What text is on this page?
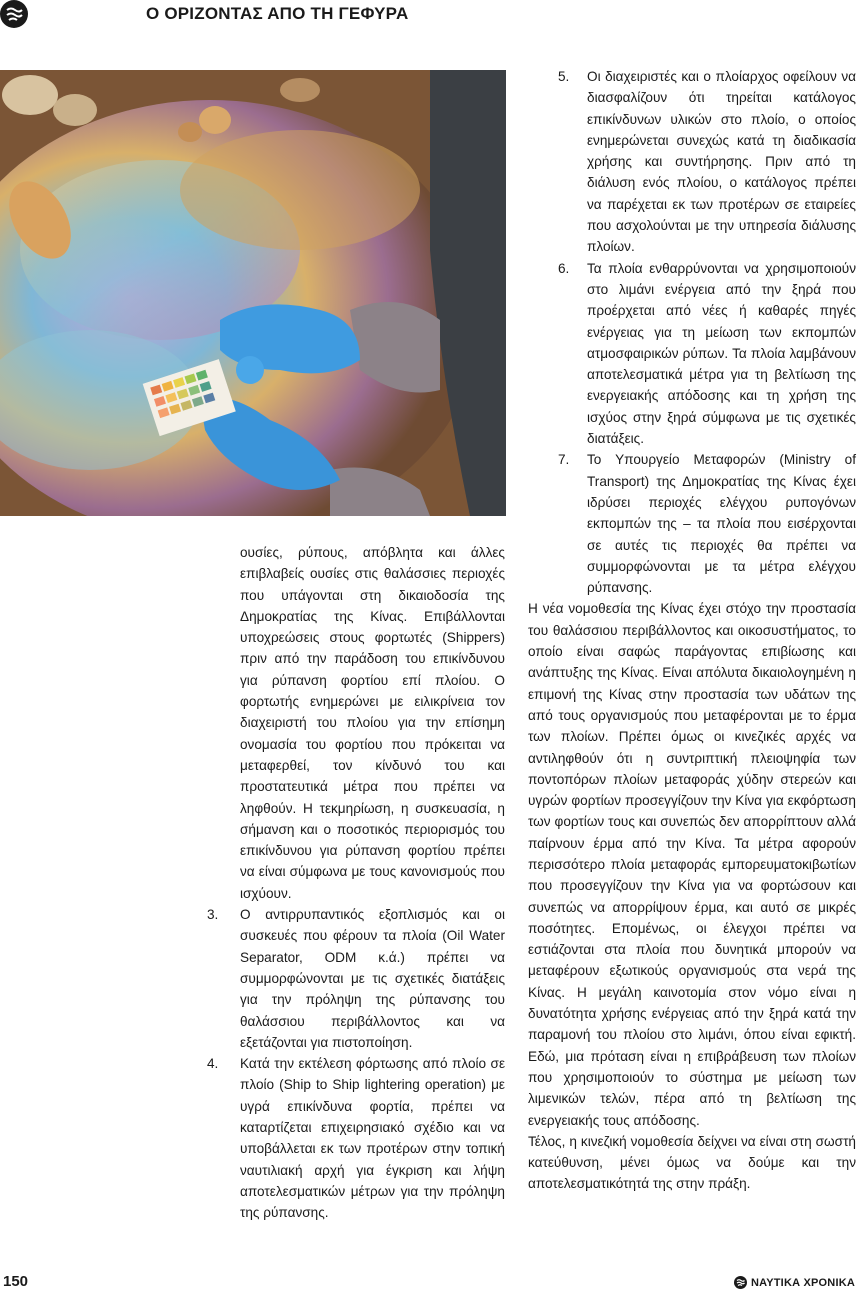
Ο ΟΡΙΖΟΝΤΑΣ ΑΠΟ ΤΗ ΓΕΦΥΡΑ

ουσίες, ρύπους, απόβλητα και άλλες επιβλαβείς ουσίες στις θαλάσσιες περιοχές που υπάγονται στη δικαιοδοσία της Δημοκρατίας της Κίνας. Επιβάλλονται υποχρεώσεις στους φορτωτές (Shippers) πριν από την παράδοση του επικίνδυνου για ρύπανση φορτίου επί πλοίου. Ο φορτωτής ενημερώνει με ειλικρίνεια τον διαχειριστή του πλοίου για την επίσημη ονομασία του φορτίου που πρόκειται να μεταφερθεί, τον κίνδυνό του και προστατευτικά μέτρα που πρέπει να ληφθούν. Η τεκμηρίωση, η συσκευασία, η σήμανση και ο ποσοτικός περιορισμός του επικίνδυνου για ρύπανση φορτίου πρέπει να είναι σύμφωνα με τους κανονισμούς που ισχύουν.

3. Ο αντιρρυπαντικός εξοπλισμός και οι συσκευές που φέρουν τα πλοία (Oil Water Separator, ODM κ.ά.) πρέπει να συμμορφώνονται με τις σχετικές διατάξεις για την πρόληψη της ρύπανσης του θαλάσσιου περιβάλλοντος και να εξετάζονται για πιστοποίηση.

4. Κατά την εκτέλεση φόρτωσης από πλοίο σε πλοίο (Ship to Ship lightering operation) με υγρά επικίνδυνα φορτία, πρέπει να καταρτίζεται επιχειρησιακό σχέδιο και να υποβάλλεται εκ των προτέρων στην τοπική ναυτιλιακή αρχή για έγκριση και λήψη αποτελεσματικών μέτρων για την πρόληψη της ρύπανσης.

5. Οι διαχειριστές και ο πλοίαρχος οφείλουν να διασφαλίζουν ότι τηρείται κατάλογος επικίνδυνων υλικών στο πλοίο, ο οποίος ενημερώνεται συνεχώς κατά τη διαδικασία χρήσης και συντήρησης. Πριν από τη διάλυση ενός πλοίου, ο κατάλογος πρέπει να παρέχεται εκ των προτέρων σε εταιρείες που ασχολούνται με την υπηρεσία διάλυσης πλοίων.

6. Τα πλοία ενθαρρύνονται να χρησιμοποιούν στο λιμάνι ενέργεια από την ξηρά που προέρχεται από νέες ή καθαρές πηγές ενέργειας για τη μείωση των εκπομπών ατμοσφαιρικών ρύπων. Τα πλοία λαμβάνουν αποτελεσματικά μέτρα για τη βελτίωση της ενεργειακής απόδοσης και τη χρήση της ισχύος στην ξηρά σύμφωνα με τις σχετικές διατάξεις.

7. Το Υπουργείο Μεταφορών (Ministry of Transport) της Δημοκρατίας της Κίνας έχει ιδρύσει περιοχές ελέγχου ρυπογόνων εκπομπών της – τα πλοία που εισέρχονται σε αυτές τις περιοχές θα πρέπει να συμμορφώνονται με τα μέτρα ελέγχου ρύπανσης.

Η νέα νομοθεσία της Κίνας έχει στόχο την προστασία του θαλάσσιου περιβάλλοντος και οικοσυστήματος, το οποίο είναι σαφώς παράγοντας επιβίωσης και ανάπτυξης της Κίνας. Είναι απόλυτα δικαιολογημένη η επιμονή της Κίνας στην προστασία των υδάτων της από τους οργανισμούς που μεταφέρονται με το έρμα των πλοίων. Πρέπει όμως οι κινεζικές αρχές να αντιληφθούν ότι η συντριπτική πλειοψηφία των ποντοπόρων πλοίων μεταφοράς χύδην στερεών και υγρών φορτίων προσεγγίζουν την Κίνα για εκφόρτωση των φορτίων τους και συνεπώς δεν απορρίπτουν αλλά παίρνουν έρμα από την Κίνα. Τα μέτρα αφορούν περισσότερο πλοία μεταφοράς εμπορευματοκιβωτίων που προσεγγίζουν την Κίνα για να φορτώσουν και συνεπώς να απορρίψουν έρμα, και αυτό σε μικρές ποσότητες. Επομένως, οι έλεγχοι πρέπει να εστιάζονται στα πλοία που δυνητικά μπορούν να μεταφέρουν εξωτικούς οργανισμούς στα νερά της Κίνας. Η μεγάλη καινοτομία στον νόμο είναι η δυνατότητα χρήσης ενέργειας από την ξηρά κατά την παραμονή του πλοίου στο λιμάνι, όπου είναι εφικτή. Εδώ, μια πρόταση είναι η επιβράβευση των πλοίων που χρησιμοποιούν το σύστημα με μείωση των λιμενικών τελών, πέρα από τη βελτίωση της ενεργειακής τους απόδοσης.

Τέλος, η κινεζική νομοθεσία δείχνει να είναι στη σωστή κατεύθυνση, μένει όμως να δούμε και την αποτελεσματικότητά της στην πράξη.

150	ΝΑΥΤΙΚΑ ΧΡΟΝΙΚΑ
